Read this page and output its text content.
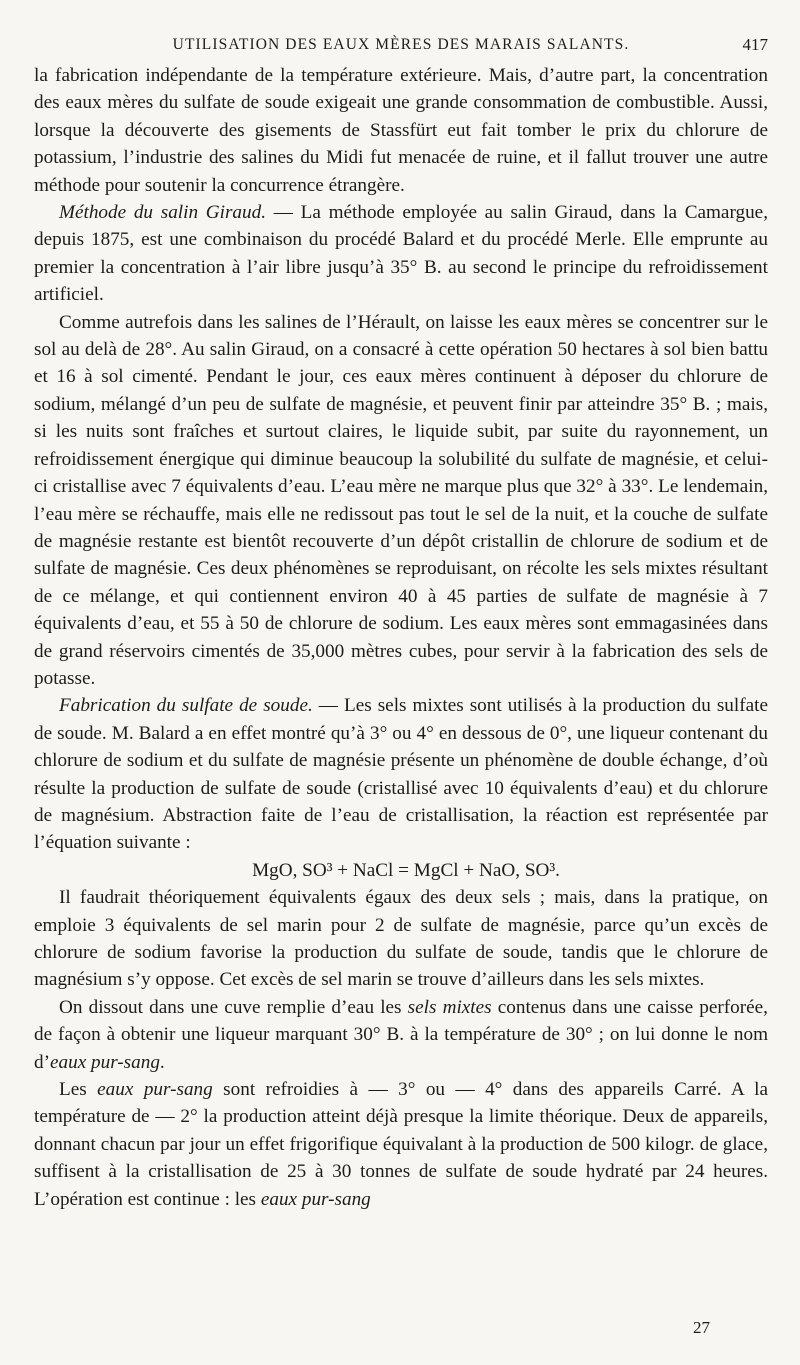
UTILISATION DES EAUX MÈRES DES MARAIS SALANTS.	417

la fabrication indépendante de la température extérieure. Mais, d’autre part, la concentration des eaux mères du sulfate de soude exigeait une grande consommation de combustible. Aussi, lorsque la découverte des gisements de Stassfürt eut fait tomber le prix du chlorure de potassium, l’industrie des salines du Midi fut menacée de ruine, et il fallut trouver une autre méthode pour soutenir la concurrence étrangère.

Méthode du salin Giraud. — La méthode employée au salin Giraud, dans la Camargue, depuis 1875, est une combinaison du procédé Balard et du procédé Merle. Elle emprunte au premier la concentration à l’air libre jusqu’à 35° B. au second le principe du refroidissement artificiel.

Comme autrefois dans les salines de l’Hérault, on laisse les eaux mères se concentrer sur le sol au delà de 28°. Au salin Giraud, on a consacré à cette opération 50 hectares à sol bien battu et 16 à sol cimenté. Pendant le jour, ces eaux mères continuent à déposer du chlorure de sodium, mélangé d’un peu de sulfate de magnésie, et peuvent finir par atteindre 35° B. ; mais, si les nuits sont fraîches et surtout claires, le liquide subit, par suite du rayonnement, un refroidissement énergique qui diminue beaucoup la solubilité du sulfate de magnésie, et celui-ci cristallise avec 7 équivalents d’eau. L’eau mère ne marque plus que 32° à 33°. Le lendemain, l’eau mère se réchauffe, mais elle ne redissout pas tout le sel de la nuit, et la couche de sulfate de magnésie restante est bientôt recouverte d’un dépôt cristallin de chlorure de sodium et de sulfate de magnésie. Ces deux phénomènes se reproduisant, on récolte les sels mixtes résultant de ce mélange, et qui contiennent environ 40 à 45 parties de sulfate de magnésie à 7 équivalents d’eau, et 55 à 50 de chlorure de sodium. Les eaux mères sont emmagasinées dans de grand réservoirs cimentés de 35,000 mètres cubes, pour servir à la fabrication des sels de potasse.

Fabrication du sulfate de soude. — Les sels mixtes sont utilisés à la production du sulfate de soude. M. Balard a en effet montré qu’à 3° ou 4° en dessous de 0°, une liqueur contenant du chlorure de sodium et du sulfate de magnésie présente un phénomène de double échange, d’où résulte la production de sulfate de soude (cristallisé avec 10 équivalents d’eau) et du chlorure de magnésium. Abstraction faite de l’eau de cristallisation, la réaction est représentée par l’équation suivante :

MgO, SO³ + NaCl = MgCl + NaO, SO³.

Il faudrait théoriquement équivalents égaux des deux sels ; mais, dans la pratique, on emploie 3 équivalents de sel marin pour 2 de sulfate de magnésie, parce qu’un excès de chlorure de sodium favorise la production du sulfate de soude, tandis que le chlorure de magnésium s’y oppose. Cet excès de sel marin se trouve d’ailleurs dans les sels mixtes.

On dissout dans une cuve remplie d’eau les sels mixtes contenus dans une caisse perforée, de façon à obtenir une liqueur marquant 30° B. à la température de 30° ; on lui donne le nom d’eaux pur-sang.

Les eaux pur-sang sont refroidies à — 3° ou — 4° dans des appareils Carré. A la température de — 2° la production atteint déjà presque la limite théorique. Deux de appareils, donnant chacun par jour un effet frigorifique équivalant à la production de 500 kilogr. de glace, suffisent à la cristallisation de 25 à 30 tonnes de sulfate de soude hydraté par 24 heures. L’opération est continue : les eaux pur-sang

27
